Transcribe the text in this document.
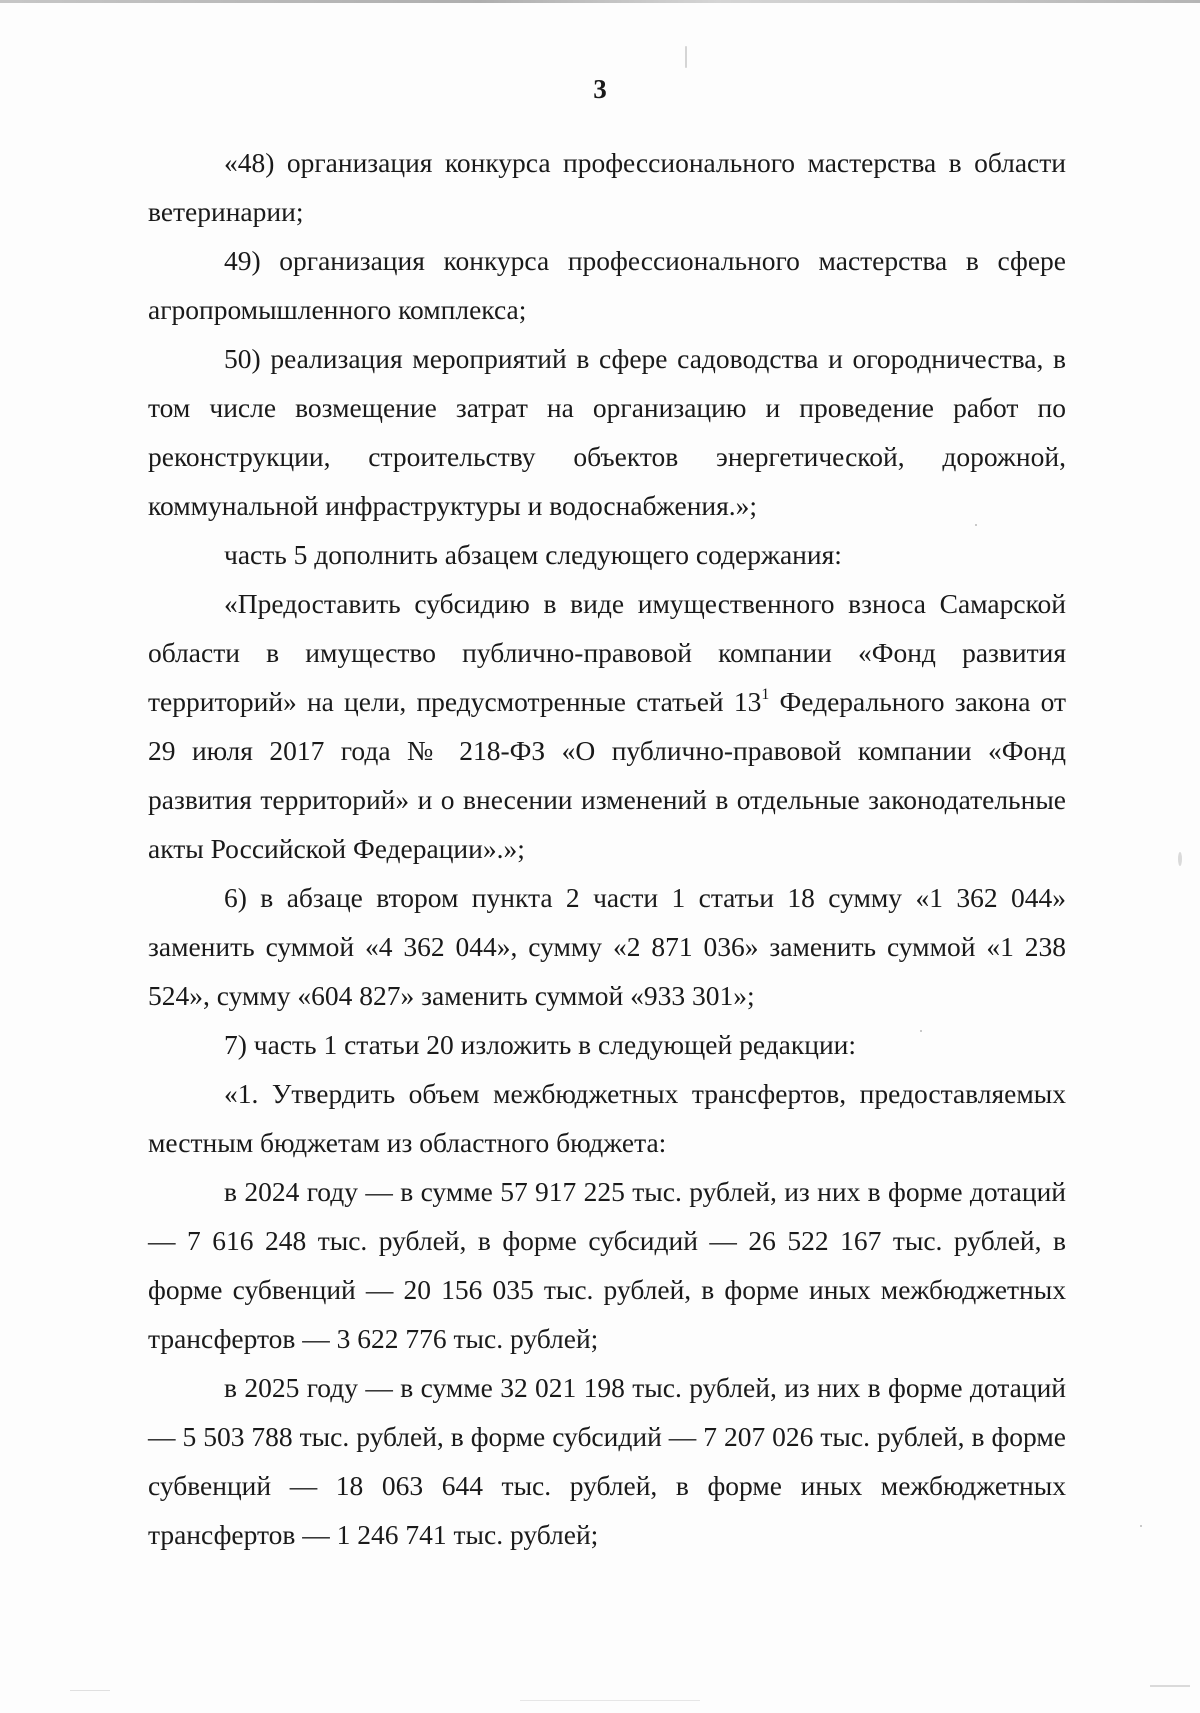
3

«48) организация конкурса профессионального мастерства в области ветеринарии;

49) организация конкурса профессионального мастерства в сфере агропромышленного комплекса;

50) реализация мероприятий в сфере садоводства и огородничества, в том числе возмещение затрат на организацию и проведение работ по реконструкции, строительству объектов энергетической, дорожной, коммунальной инфраструктуры и водоснабжения.»;

часть 5 дополнить абзацем следующего содержания:

«Предоставить субсидию в виде имущественного взноса Самарской области в имущество публично-правовой компании «Фонд развития территорий» на цели, предусмотренные статьей $13^1$ Федерального закона от 29 июля 2017 года № 218-ФЗ «О публично-правовой компании «Фонд развития территорий» и о внесении изменений в отдельные законодательные акты Российской Федерации».»;

6) в абзаце втором пункта 2 части 1 статьи 18 сумму «1 362 044» заменить суммой «4 362 044», сумму «2 871 036» заменить суммой «1 238 524», сумму «604 827» заменить суммой «933 301»;

7) часть 1 статьи 20 изложить в следующей редакции:

«1. Утвердить объем межбюджетных трансфертов, предоставляемых местным бюджетам из областного бюджета:

в 2024 году — в сумме 57 917 225 тыс. рублей, из них в форме дотаций — 7 616 248 тыс. рублей, в форме субсидий — 26 522 167 тыс. рублей, в форме субвенций — 20 156 035 тыс. рублей, в форме иных межбюджетных трансфертов — 3 622 776 тыс. рублей;

в 2025 году — в сумме 32 021 198 тыс. рублей, из них в форме дотаций — 5 503 788 тыс. рублей, в форме субсидий — 7 207 026 тыс. рублей, в форме субвенций — 18 063 644 тыс. рублей, в форме иных межбюджетных трансфертов — 1 246 741 тыс. рублей;
